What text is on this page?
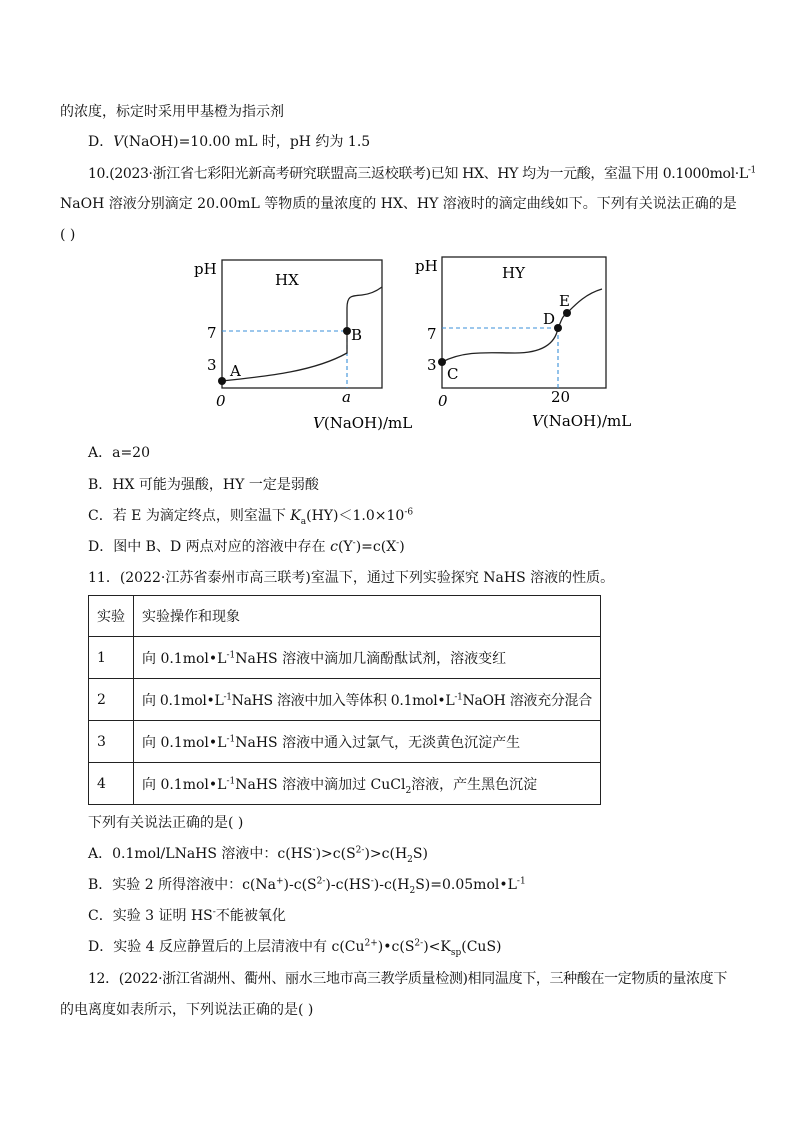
的浓度，标定时采用甲基橙为指示剂
D．V(NaOH)=10.00 mL 时，pH 约为 1.5
10.(2023·浙江省七彩阳光新高考研究联盟高三返校联考)已知 HX、HY 均为一元酸，室温下用 $0.1000mol\cdot L^{-1}$
NaOH 溶液分别滴定 20.00mL 等物质的量浓度的 HX、HY 溶液时的滴定曲线如下。下列有关说法正确的是
( )
pH
HX
7
3
0	a
A
B
V(NaOH)/mL
pH	HY
7
3
0	20
C
D
E
V(NaOH)/mL
A．a=20
B．HX 可能为强酸，HY 一定是弱酸
C．若 E 为滴定终点，则室温下 $K_a(HY)<1.0\times 10^{-6}$
D．图中 B、D 两点对应的溶液中存在 c(Y-)=c(X-)
11．(2022·江苏省泰州市高三联考)室温下，通过下列实验探究 NaHS 溶液的性质。
实验	实验操作和现象
1	向 $0.1mol•L^{-1}NaHS$ 溶液中滴加几滴酚酞试剂，溶液变红
2	向 $0.1mol•L^{-1}NaHS$ 溶液中加入等体积 $0.1mol•L^{-1}NaOH$ 溶液充分混合
3	向 $0.1mol•L^{-1}NaHS$ 溶液中通入过氯气，无淡黄色沉淀产生
4	向 $0.1mol•L^{-1}NaHS$ 溶液中滴加过 CuCl$_2$溶液，产生黑色沉淀
下列有关说法正确的是( )
A．0.1mol/LNaHS 溶液中：$c(HS^-)>c(S^{2-})>c(H_2S)$
B．实验 2 所得溶液中：$c(Na^+)-c(S^{2-})-c(HS^-)-c(H_2S)=0.05mol•L^{-1}$
C．实验 3 证明 HS-不能被氧化
D．实验 4 反应静置后的上层清液中有 $c(Cu^{2+})•c(S^{2-})<K_{sp}(CuS)$
12．(2022·浙江省湖州、衢州、丽水三地市高三教学质量检测)相同温度下，三种酸在一定物质的量浓度下
的电离度如表所示，下列说法正确的是( )
